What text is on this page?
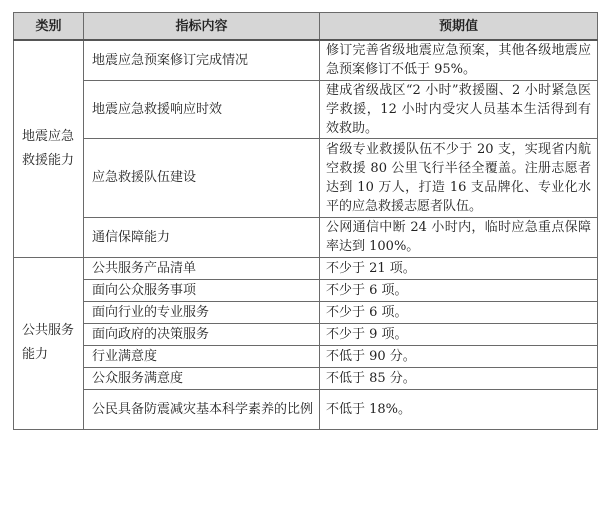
类别	指标内容	预期值
地震应急救援能力	地震应急预案修订完成情况	修订完善省级地震应急预案，其他各级地震应急预案修订不低于 95%。
	地震应急救援响应时效	建成省级战区“2 小时”救援圈、2 小时紧急医学救援，12 小时内受灾人员基本生活得到有效救助。
	应急救援队伍建设	省级专业救援队伍不少于 20 支，实现省内航空救援 80 公里飞行半径全覆盖。注册志愿者达到 10 万人，打造 16 支品牌化、专业化水平的应急救援志愿者队伍。
	通信保障能力	公网通信中断 24 小时内，临时应急重点保障率达到 100%。
公共服务能力	公共服务产品清单	不少于 21 项。
	面向公众服务事项	不少于 6 项。
	面向行业的专业服务	不少于 6 项。
	面向政府的决策服务	不少于 9 项。
	行业满意度	不低于 90 分。
	公众服务满意度	不低于 85 分。
	公民具备防震减灾基本科学素养的比例	不低于 18%。
